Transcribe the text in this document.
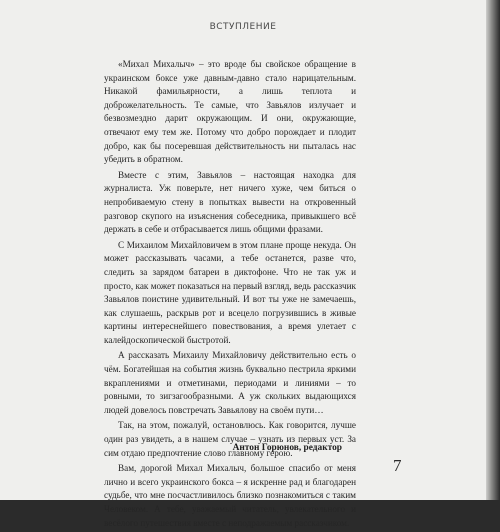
ВСТУПЛЕНИЕ

«Михал Михалыч» – это вроде бы свойское обращение в украинском боксе уже давным-давно стало нарицательным. Никакой фамильярности, а лишь теплота и доброжелательность. Те самые, что Завьялов излучает и безвозмездно дарит окружающим. И они, окружающие, отвечают ему тем же. Потому что добро порождает и плодит добро, как бы посеревшая действительность ни пыталась нас убедить в обратном.

Вместе с этим, Завьялов – настоящая находка для журналиста. Уж поверьте, нет ничего хуже, чем биться о непробиваемую стену в попытках вывести на откровенный разговор скупого на изъяснения собеседника, привыкшего всё держать в себе и отбрасывается лишь общими фразами.

С Михаилом Михайловичем в этом плане проще некуда. Он может рассказывать часами, а тебе останется, разве что, следить за зарядом батареи в диктофоне. Что не так уж и просто, как может показаться на первый взгляд, ведь рассказчик Завьялов поистине удивительный. И вот ты уже не замечаешь, как слушаешь, раскрыв рот и всецело погрузившись в живые картины интереснейшего повествования, а время улетает с калейдоскопической быстротой.

А рассказать Михаилу Михайловичу действительно есть о чём. Богатейшая на события жизнь буквально пестрила яркими вкраплениями и отметинами, периодами и линиями – то ровными, то зигзагообразными. А уж скольких выдающихся людей довелось повстречать Завьялову на своём пути…

Так, на этом, пожалуй, остановлюсь. Как говорится, лучше один раз увидеть, а в нашем случае – узнать из первых уст. За сим отдаю предпочтение слово главному герою.

Вам, дорогой Михал Михалыч, большое спасибо от меня лично и всего украинского бокса – я искренне рад и благодарен судьбе, что мне посчастливилось близко познакомиться с таким Человеком. А тебе, уважаемый читатель, увлекательного и весёлого путешествия вместе с неподражаемым рассказчиком.

Антон Горюнов, редактор
7
